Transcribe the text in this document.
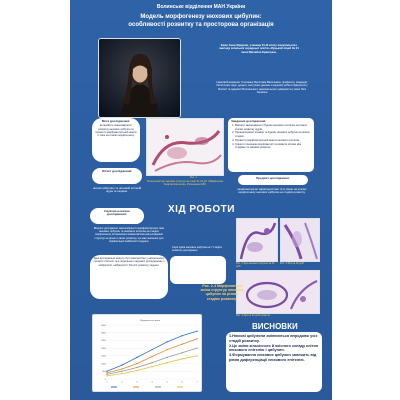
Волинське відділення МАН України
Модель морфогенезу нюхових цибулин:
особливості розвитку та просторова організація
Каюк Анна Фрідина, учениця 10-Ф класу комунального закладу загальної середньої освіти «Луцький ліцей № 21 імені Михайла Кравчука»
Науковий керівник: Степанюк Ярослава Васильвна, професор, кандидат біологічних наук, доцент, заступник декана з наукової роботи факультету біології та здоров'я Волинського національного університету імені Лесі Українки
Мета дослідження:
встановити закономірності розвитку нюхових цибулин та провести морфометричний аналіз їх змін на етапах морфогенезу.
Об'єкт дослідження:
нюхові цибулини та нюховий епітелій щура та людини.
Рис. 1
Поперечний зріз нюхових структур на стадії 16–18 діб. Забарвлення Гематоксилін-еозин, збільшення х200.
Завдання дослідження:
1. Вивчити закономірності будови нюхового епітелію на різних етапах розвитку щурів.
2. Проаналізувати розміри та будову нюхових цибулин на різних стадіях.
3. Провести морфометричний аналіз нюхового епітелію.
4. Оцінити показники морфометрії та виявити зв'язки між стадіями та змінами розвитку.
Предмет дослідження:
морфометричні характеристики та їх зміни на етапах морфогенезу нюхових цибулин на стадіях розвитку.
Наукова новизна дослідження:
Вперше досліджено закономірності морфометричних змін нюхових цибулин та нюхового епітелію на стадіях морфогенезу, встановлено взаємозв'язок між розмірами структур на різних етапах розвитку, що має значення для порівняльної ембріології людини.
Дані дослідження можуть бути використані у навчальному процесі з біології та в подальших наукових дослідженнях з ембріології, ембріології і біології розвитку людини.
ХІД РОБОТИ
Рис. 2 Зріз нюхових цибулин на 16 добі
Рис. 3 Зріз на 18 добі
Серії зрізів нюхових цибулин на 7 стадіях розвитку досліджено.
Рис. 4 Зріз на 20 добі розвитку
Рис. 2-4 Морфологічні зміни структур нюхових цибулин на різних стадіях розвитку
Морфологічні зміни
0
500
1000
1500
2000
2500
3000
3500
1	2	3	4	5	6	7
ВИСНОВКИ
1.Нюхові цибулини змінюються впродовж усіх стадій розвитку.
2.Це зміни кількісного й якісного складу клітин нюхового епітелію і цибулин.
3.Формування нюхових цибулин залежить від рівня диференціації нюхового епітелію.
